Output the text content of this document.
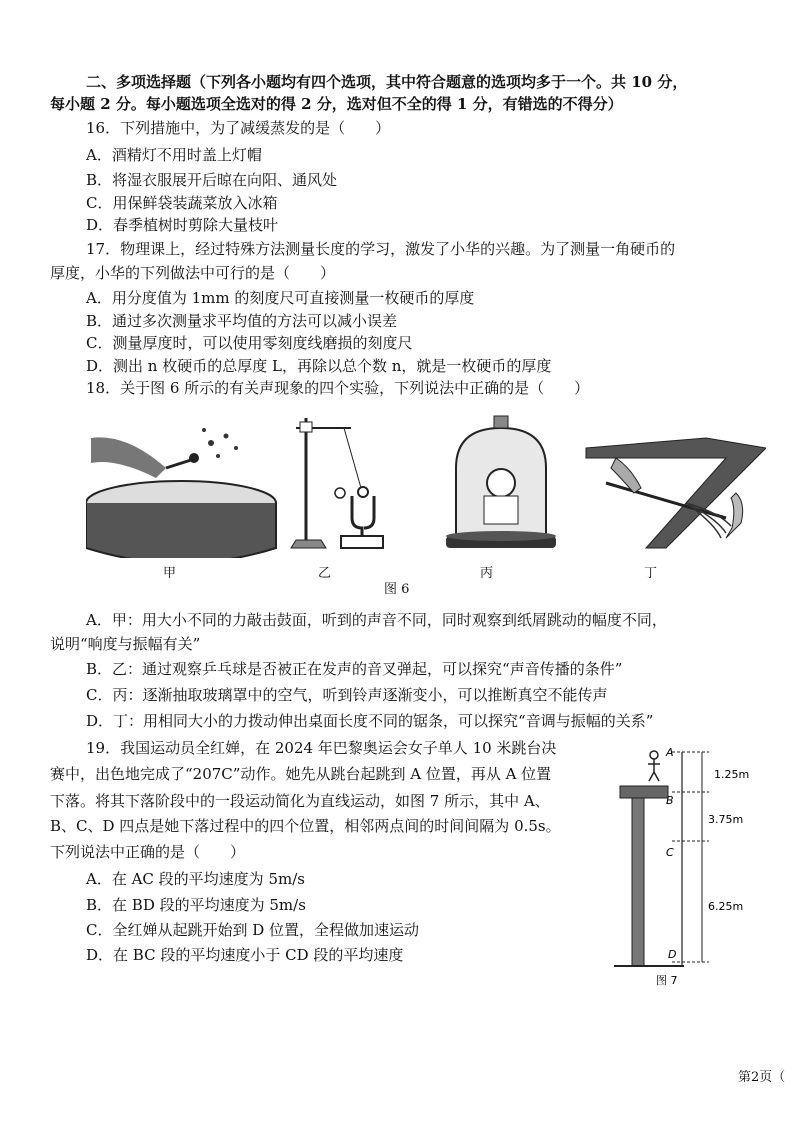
二、多项选择题（下列各小题均有四个选项，其中符合题意的选项均多于一个。共 10 分，
每小题 2 分。每小题选项全选对的得 2 分，选对但不全的得 1 分，有错选的不得分）
16．下列措施中，为了减缓蒸发的是（　　）
A．酒精灯不用时盖上灯帽
B．将湿衣服展开后晾在向阳、通风处
C．用保鲜袋装蔬菜放入冰箱
D．春季植树时剪除大量枝叶
17．物理课上，经过特殊方法测量长度的学习，激发了小华的兴趣。为了测量一角硬币的
厚度，小华的下列做法中可行的是（　　）
A．用分度值为 1mm 的刻度尺可直接测量一枚硬币的厚度
B．通过多次测量求平均值的方法可以减小误差
C．测量厚度时，可以使用零刻度线磨损的刻度尺
D．测出 n 枚硬币的总厚度 L，再除以总个数 n，就是一枚硬币的厚度
18．关于图 6 所示的有关声现象的四个实验，下列说法中正确的是（　　）
甲	乙	丙	丁
图 6
A．甲：用大小不同的力敲击鼓面，听到的声音不同，同时观察到纸屑跳动的幅度不同，
说明“响度与振幅有关”
B．乙：通过观察乒乓球是否被正在发声的音叉弹起，可以探究“声音传播的条件”
C．丙：逐渐抽取玻璃罩中的空气，听到铃声逐渐变小，可以推断真空不能传声
D．丁：用相同大小的力拨动伸出桌面长度不同的锯条，可以探究“音调与振幅的关系”
19．我国运动员全红婵，在 2024 年巴黎奥运会女子单人 10 米跳台决
赛中，出色地完成了“207C”动作。她先从跳台起跳到 A 位置，再从 A 位置
下落。将其下落阶段中的一段运动简化为直线运动，如图 7 所示，其中 A、
B、C、D 四点是她下落过程中的四个位置，相邻两点间的时间间隔为 0.5s。
下列说法中正确的是（　　）
A．在 AC 段的平均速度为 5m/s
B．在 BD 段的平均速度为 5m/s
C．全红婵从起跳开始到 D 位置，全程做加速运动
D．在 BC 段的平均速度小于 CD 段的平均速度
A
B
C
D
1.25m
3.75m
6.25m
图 7
第2页（
